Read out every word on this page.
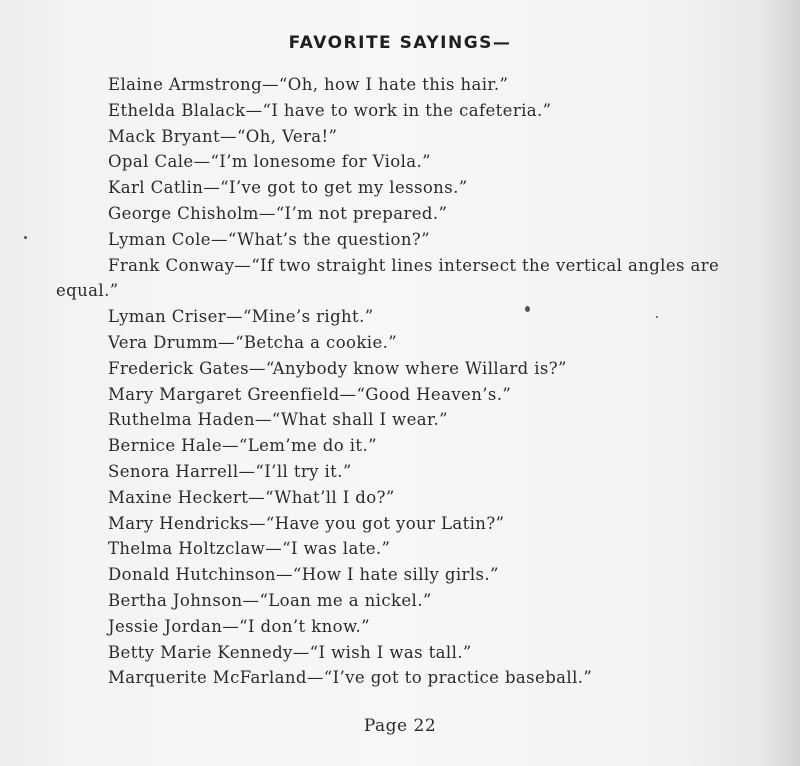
FAVORITE SAYINGS—
Elaine Armstrong—“Oh, how I hate this hair.”
Ethelda Blalack—“I have to work in the cafeteria.”
Mack Bryant—“Oh, Vera!”
Opal Cale—“I’m lonesome for Viola.”
Karl Catlin—“I’ve got to get my lessons.”
George Chisholm—“I’m not prepared.”
Lyman Cole—“What’s the question?”
Frank Conway—“If two straight lines intersect the vertical angles are
equal.”
Lyman Criser—“Mine’s right.”
Vera Drumm—“Betcha a cookie.”
Frederick Gates—“Anybody know where Willard is?”
Mary Margaret Greenfield—“Good Heaven’s.”
Ruthelma Haden—“What shall I wear.”
Bernice Hale—“Lem’me do it.”
Senora Harrell—“I’ll try it.”
Maxine Heckert—“What’ll I do?”
Mary Hendricks—“Have you got your Latin?”
Thelma Holtzclaw—“I was late.”
Donald Hutchinson—“How I hate silly girls.”
Bertha Johnson—“Loan me a nickel.”
Jessie Jordan—“I don’t know.”
Betty Marie Kennedy—“I wish I was tall.”
Marquerite McFarland—“I’ve got to practice baseball.”
Page 22
